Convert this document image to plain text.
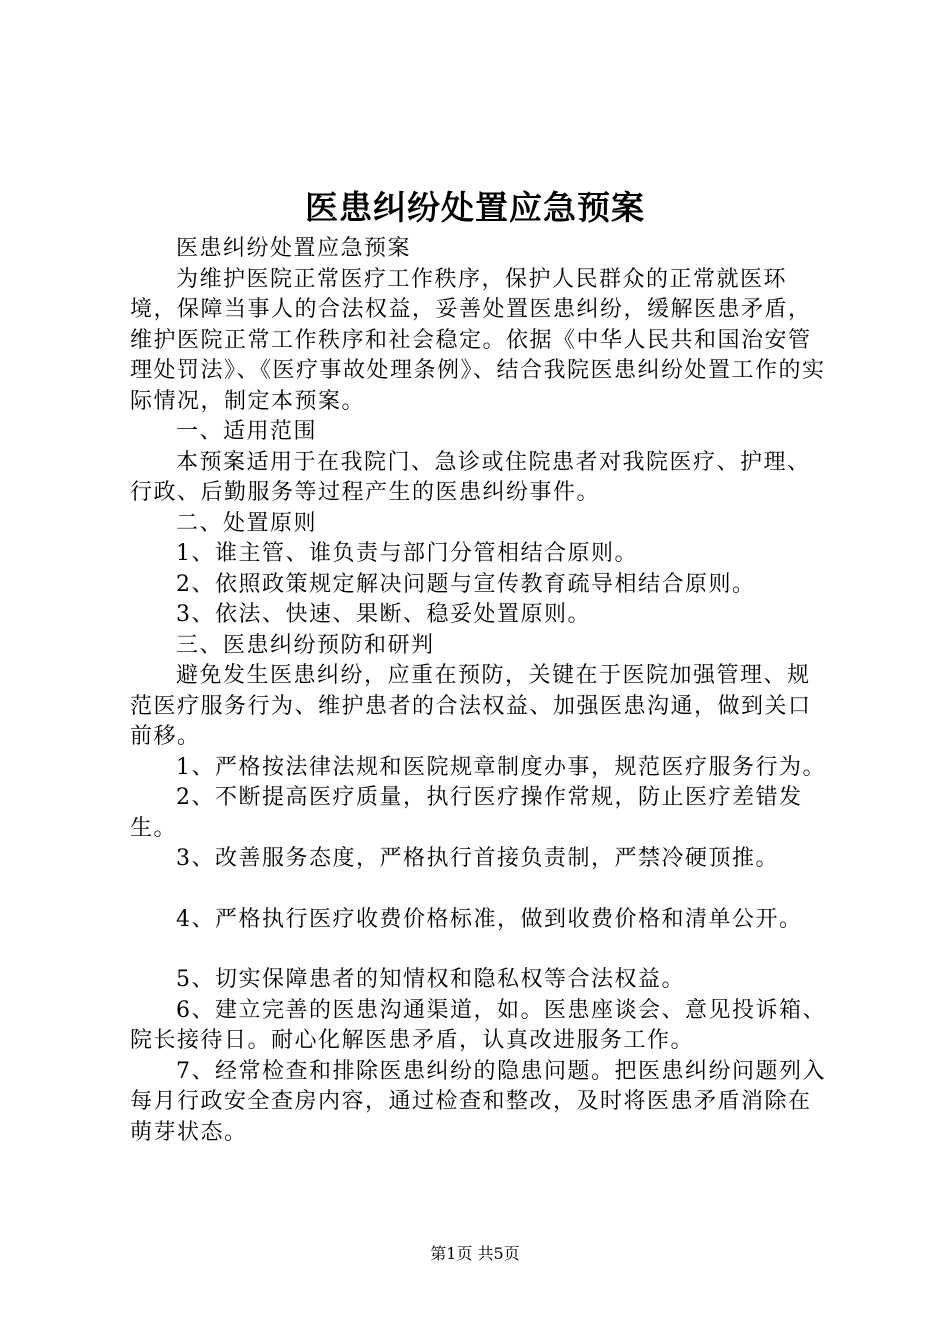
医患纠纷处置应急预案

医患纠纷处置应急预案

为维护医院正常医疗工作秩序，保护人民群众的正常就医环境，保障当事人的合法权益，妥善处置医患纠纷，缓解医患矛盾，维护医院正常工作秩序和社会稳定。依据《中华人民共和国治安管理处罚法》、《医疗事故处理条例》、结合我院医患纠纷处置工作的实际情况，制定本预案。

一、适用范围

本预案适用于在我院门、急诊或住院患者对我院医疗、护理、行政、后勤服务等过程产生的医患纠纷事件。

二、处置原则

1、谁主管、谁负责与部门分管相结合原则。

2、依照政策规定解决问题与宣传教育疏导相结合原则。

3、依法、快速、果断、稳妥处置原则。

三、医患纠纷预防和研判

避免发生医患纠纷，应重在预防，关键在于医院加强管理、规范医疗服务行为、维护患者的合法权益、加强医患沟通，做到关口前移。

1、严格按法律法规和医院规章制度办事，规范医疗服务行为。

2、不断提高医疗质量，执行医疗操作常规，防止医疗差错发生。

3、改善服务态度，严格执行首接负责制，严禁冷硬顶推。

4、严格执行医疗收费价格标准，做到收费价格和清单公开。

5、切实保障患者的知情权和隐私权等合法权益。

6、建立完善的医患沟通渠道，如。医患座谈会、意见投诉箱、院长接待日。耐心化解医患矛盾，认真改进服务工作。

7、经常检查和排除医患纠纷的隐患问题。把医患纠纷问题列入每月行政安全查房内容，通过检查和整改，及时将医患矛盾消除在萌芽状态。

第1页 共5页
